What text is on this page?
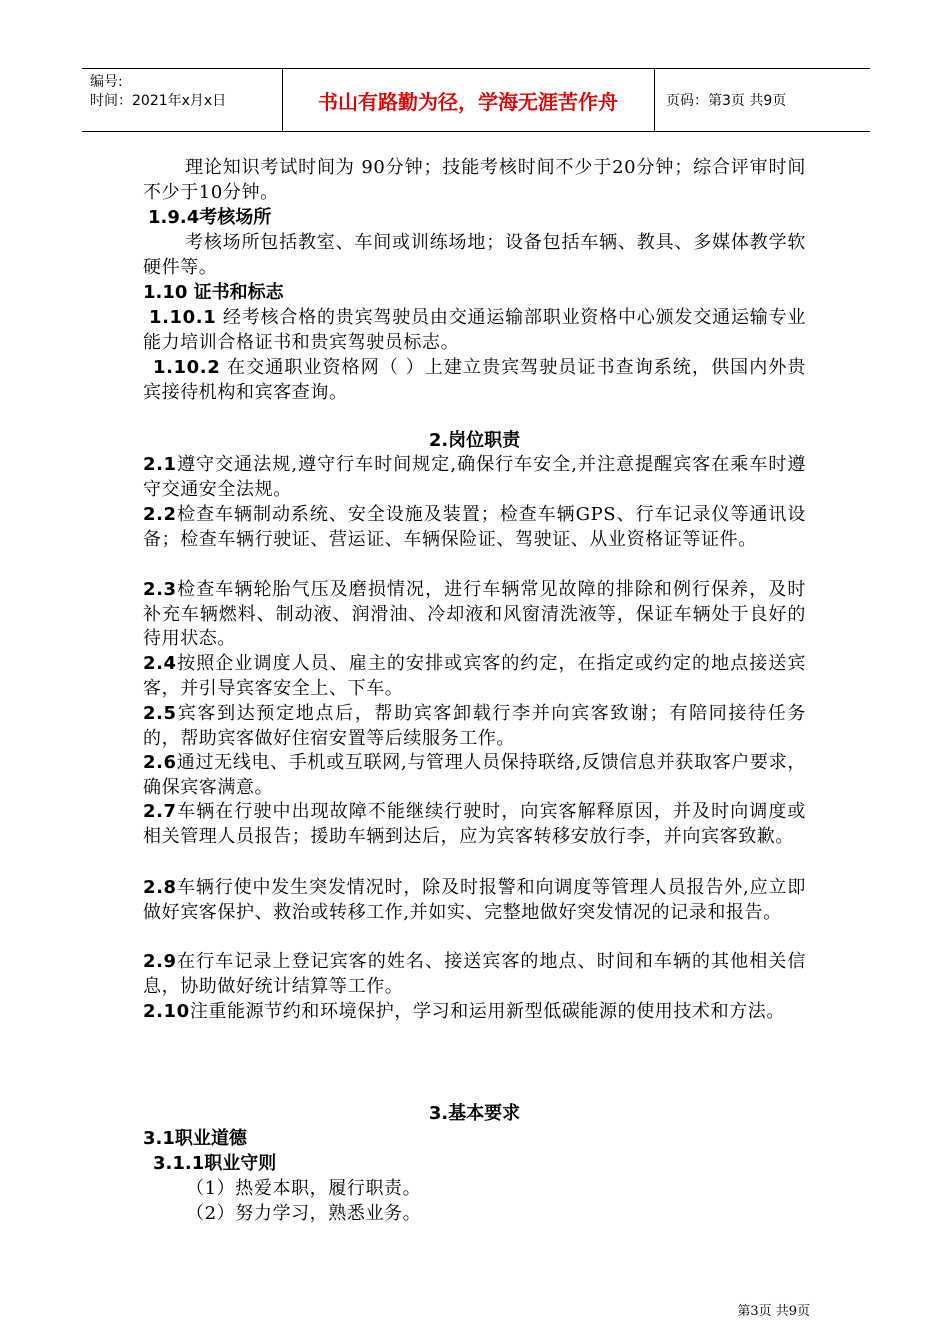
编号:
时间：2021年x月x日	书山有路勤为径，学海无涯苦作舟	页码：第3页 共9页
理论知识考试时间为 90分钟；技能考核时间不少于20分钟；综合评审时间不少于10分钟。
1.9.4考核场所
考核场所包括教室、车间或训练场地；设备包括车辆、教具、多媒体教学软硬件等。
1.10 证书和标志
1.10.1 经考核合格的贵宾驾驶员由交通运输部职业资格中心颁发交通运输专业能力培训合格证书和贵宾驾驶员标志。
1.10.2 在交通职业资格网（ ）上建立贵宾驾驶员证书查询系统，供国内外贵宾接待机构和宾客查询。
2.岗位职责
2.1遵守交通法规,遵守行车时间规定,确保行车安全,并注意提醒宾客在乘车时遵守交通安全法规。
2.2检查车辆制动系统、安全设施及装置；检查车辆GPS、行车记录仪等通讯设备；检查车辆行驶证、营运证、车辆保险证、驾驶证、从业资格证等证件。
2.3检查车辆轮胎气压及磨损情况，进行车辆常见故障的排除和例行保养，及时补充车辆燃料、制动液、润滑油、冷却液和风窗清洗液等，保证车辆处于良好的待用状态。
2.4按照企业调度人员、雇主的安排或宾客的约定，在指定或约定的地点接送宾客，并引导宾客安全上、下车。
2.5宾客到达预定地点后，帮助宾客卸载行李并向宾客致谢；有陪同接待任务的，帮助宾客做好住宿安置等后续服务工作。
2.6通过无线电、手机或互联网,与管理人员保持联络,反馈信息并获取客户要求，确保宾客满意。
2.7车辆在行驶中出现故障不能继续行驶时，向宾客解释原因，并及时向调度或相关管理人员报告；援助车辆到达后，应为宾客转移安放行李，并向宾客致歉。
2.8车辆行使中发生突发情况时，除及时报警和向调度等管理人员报告外,应立即做好宾客保护、救治或转移工作,并如实、完整地做好突发情况的记录和报告。
2.9在行车记录上登记宾客的姓名、接送宾客的地点、时间和车辆的其他相关信息，协助做好统计结算等工作。
2.10注重能源节约和环境保护，学习和运用新型低碳能源的使用技术和方法。
3.基本要求
3.1职业道德
3.1.1职业守则
（1）热爱本职，履行职责。
（2）努力学习，熟悉业务。
第3页 共9页
